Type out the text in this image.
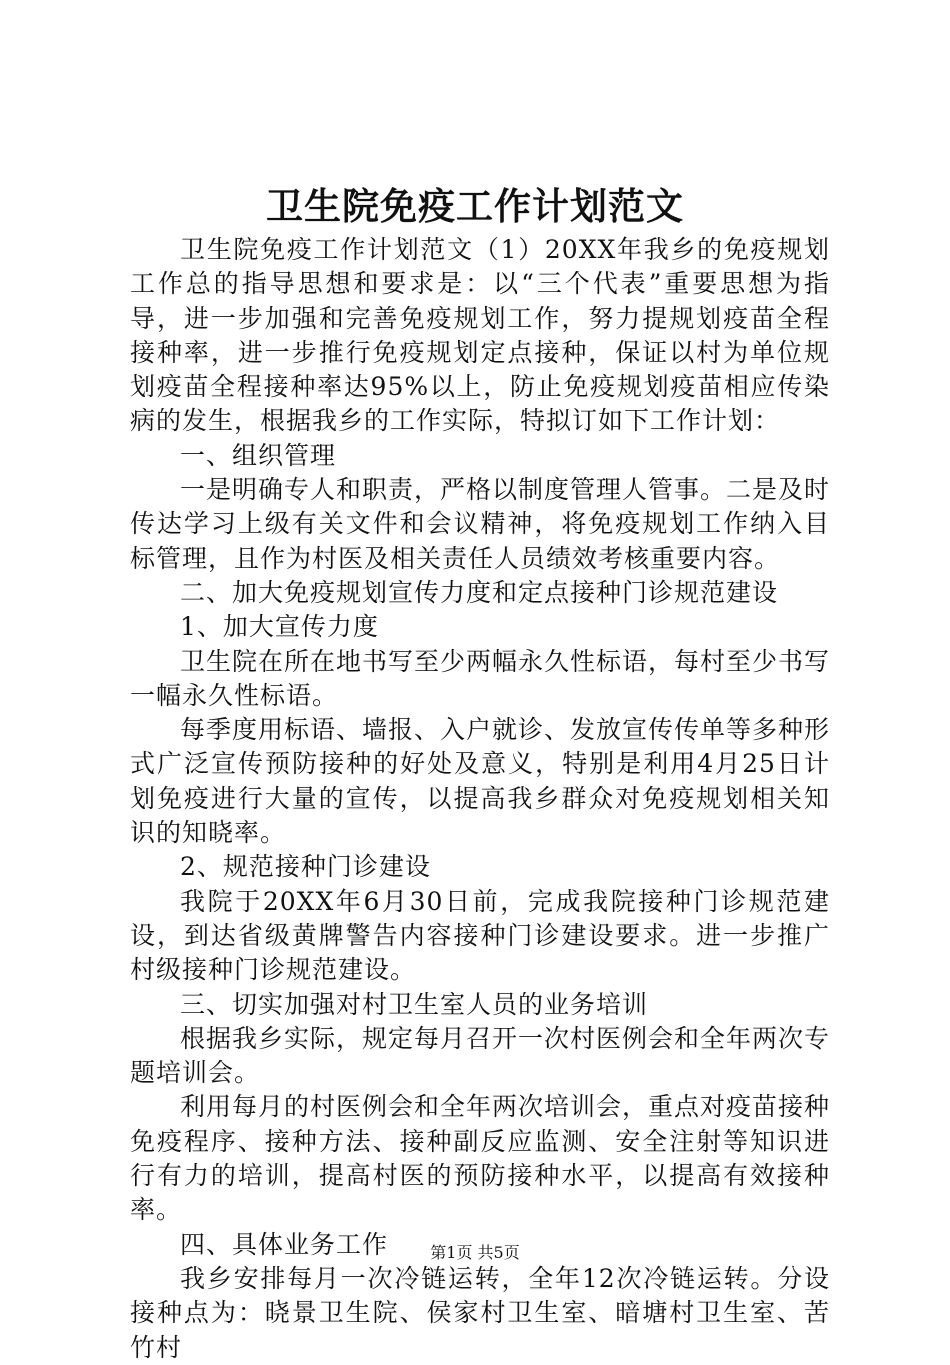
卫生院免疫工作计划范文

卫生院免疫工作计划范文（1）20XX年我乡的免疫规划工作总的指导思想和要求是：以“三个代表”重要思想为指导，进一步加强和完善免疫规划工作，努力提规划疫苗全程接种率，进一步推行免疫规划定点接种，保证以村为单位规划疫苗全程接种率达95%以上，防止免疫规划疫苗相应传染病的发生，根据我乡的工作实际，特拟订如下工作计划：

一、组织管理

一是明确专人和职责，严格以制度管理人管事。二是及时传达学习上级有关文件和会议精神，将免疫规划工作纳入目标管理，且作为村医及相关责任人员绩效考核重要内容。

二、加大免疫规划宣传力度和定点接种门诊规范建设

1、加大宣传力度

卫生院在所在地书写至少两幅永久性标语，每村至少书写一幅永久性标语。

每季度用标语、墙报、入户就诊、发放宣传传单等多种形式广泛宣传预防接种的好处及意义，特别是利用4月25日计划免疫进行大量的宣传，以提高我乡群众对免疫规划相关知识的知晓率。

2、规范接种门诊建设

我院于20XX年6月30日前，完成我院接种门诊规范建设，到达省级黄牌警告内容接种门诊建设要求。进一步推广村级接种门诊规范建设。

三、切实加强对村卫生室人员的业务培训

根据我乡实际，规定每月召开一次村医例会和全年两次专题培训会。

利用每月的村医例会和全年两次培训会，重点对疫苗接种免疫程序、接种方法、接种副反应监测、安全注射等知识进行有力的培训，提高村医的预防接种水平，以提高有效接种率。

四、具体业务工作

我乡安排每月一次冷链运转，全年12次冷链运转。分设接种点为：晓景卫生院、侯家村卫生室、暗塘村卫生室、苦竹村

第1页 共5页
